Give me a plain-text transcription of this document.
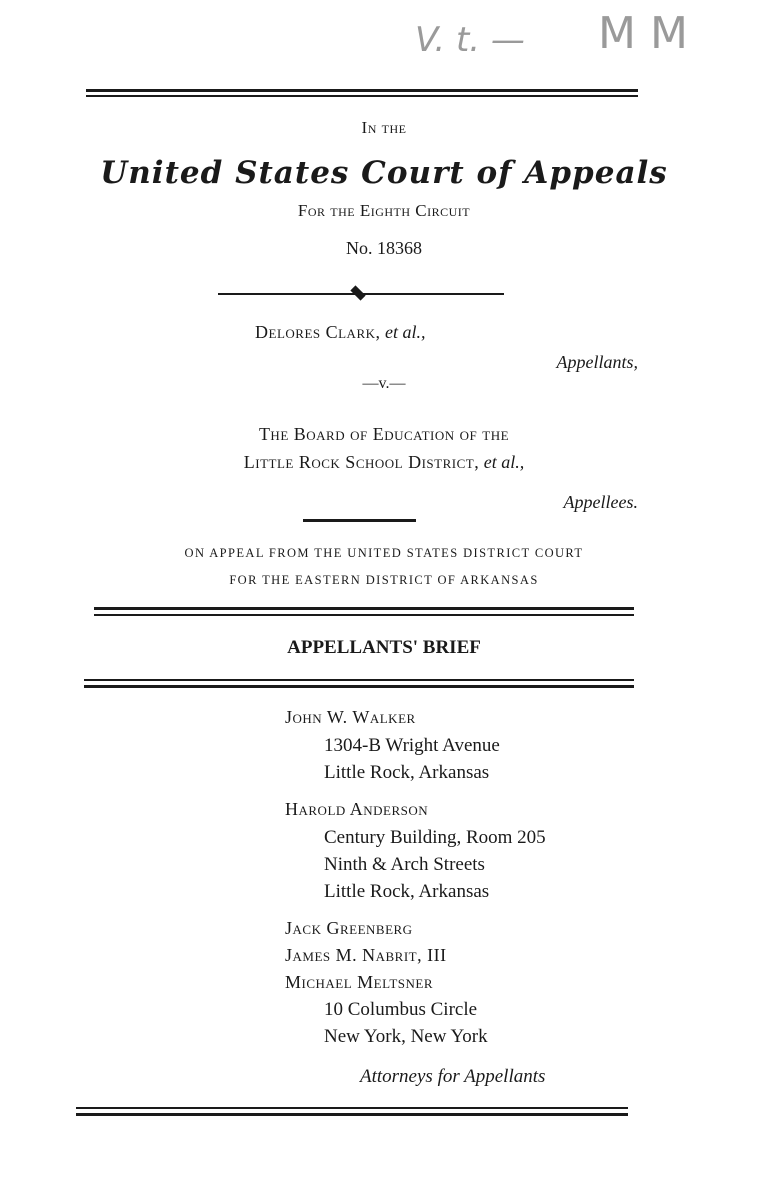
V. t. — M M
In the
United States Court of Appeals
For the Eighth Circuit
No. 18368
Delores Clark, et al.,
Appellants,
—v.—
The Board of Education of the
Little Rock School District, et al.,
Appellees.
ON APPEAL FROM THE UNITED STATES DISTRICT COURT
FOR THE EASTERN DISTRICT OF ARKANSAS
APPELLANTS' BRIEF
John W. Walker
1304-B Wright Avenue
Little Rock, Arkansas
Harold Anderson
Century Building, Room 205
Ninth & Arch Streets
Little Rock, Arkansas
Jack Greenberg
James M. Nabrit, III
Michael Meltsner
10 Columbus Circle
New York, New York
Attorneys for Appellants
